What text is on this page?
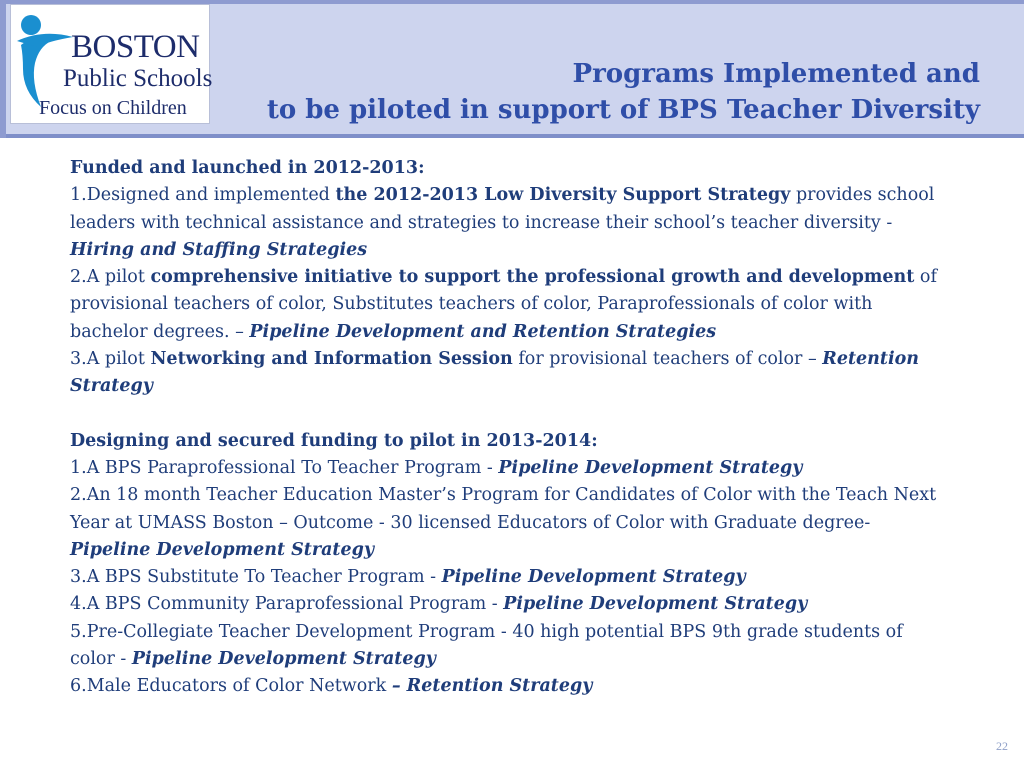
BOSTON
Public Schools
Focus on Children
Programs Implemented and
to be piloted in support of BPS Teacher Diversity

Funded and launched in 2012-2013:

1.Designed and implemented the 2012-2013 Low Diversity Support Strategy provides school leaders with technical assistance and strategies to increase their school’s teacher diversity - Hiring and Staffing Strategies

2.A pilot comprehensive initiative to support the professional growth and development of provisional teachers of color, Substitutes teachers of color, Paraprofessionals of color with bachelor degrees. – Pipeline Development and Retention Strategies

3.A pilot Networking and Information Session for provisional teachers of color – Retention Strategy

Designing and secured funding to pilot in 2013-2014:

1.A BPS Paraprofessional To Teacher Program - Pipeline Development Strategy

2.An 18 month Teacher Education Master’s Program for Candidates of Color with the Teach Next Year at UMASS Boston – Outcome - 30 licensed Educators of Color with Graduate degree- Pipeline Development Strategy

3.A BPS Substitute To Teacher Program - Pipeline Development Strategy

4.A BPS Community Paraprofessional Program - Pipeline Development Strategy

5.Pre-Collegiate Teacher Development Program - 40 high potential BPS 9th grade students of color - Pipeline Development Strategy

6.Male Educators of Color Network – Retention Strategy

22
